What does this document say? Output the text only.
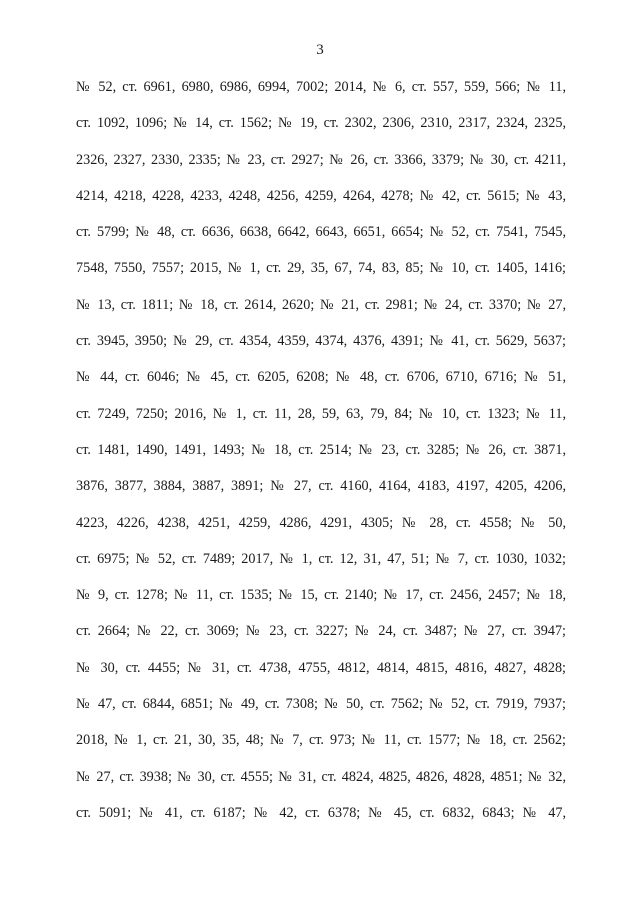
3
№ 52, ст. 6961, 6980, 6986, 6994, 7002; 2014, № 6, ст. 557, 559, 566; № 11,
ст. 1092, 1096; № 14, ст. 1562; № 19, ст. 2302, 2306, 2310, 2317, 2324, 2325,
2326, 2327, 2330, 2335; № 23, ст. 2927; № 26, ст. 3366, 3379; № 30, ст. 4211,
4214, 4218, 4228, 4233, 4248, 4256, 4259, 4264, 4278; № 42, ст. 5615; № 43,
ст. 5799; № 48, ст. 6636, 6638, 6642, 6643, 6651, 6654; № 52, ст. 7541, 7545,
7548, 7550, 7557; 2015, № 1, ст. 29, 35, 67, 74, 83, 85; № 10, ст. 1405, 1416;
№ 13, ст. 1811; № 18, ст. 2614, 2620; № 21, ст. 2981; № 24, ст. 3370; № 27,
ст. 3945, 3950; № 29, ст. 4354, 4359, 4374, 4376, 4391; № 41, ст. 5629, 5637;
№ 44, ст. 6046; № 45, ст. 6205, 6208; № 48, ст. 6706, 6710, 6716; № 51,
ст. 7249, 7250; 2016, № 1, ст. 11, 28, 59, 63, 79, 84; № 10, ст. 1323; № 11,
ст. 1481, 1490, 1491, 1493; № 18, ст. 2514; № 23, ст. 3285; № 26, ст. 3871,
3876, 3877, 3884, 3887, 3891; № 27, ст. 4160, 4164, 4183, 4197, 4205, 4206,
4223, 4226, 4238, 4251, 4259, 4286, 4291, 4305; № 28, ст. 4558; № 50,
ст. 6975; № 52, ст. 7489; 2017, № 1, ст. 12, 31, 47, 51; № 7, ст. 1030, 1032;
№ 9, ст. 1278; № 11, ст. 1535; № 15, ст. 2140; № 17, ст. 2456, 2457; № 18,
ст. 2664; № 22, ст. 3069; № 23, ст. 3227; № 24, ст. 3487; № 27, ст. 3947;
№ 30, ст. 4455; № 31, ст. 4738, 4755, 4812, 4814, 4815, 4816, 4827, 4828;
№ 47, ст. 6844, 6851; № 49, ст. 7308; № 50, ст. 7562; № 52, ст. 7919, 7937;
2018, № 1, ст. 21, 30, 35, 48; № 7, ст. 973; № 11, ст. 1577; № 18, ст. 2562;
№ 27, ст. 3938; № 30, ст. 4555; № 31, ст. 4824, 4825, 4826, 4828, 4851; № 32,
ст. 5091; № 41, ст. 6187; № 42, ст. 6378; № 45, ст. 6832, 6843; № 47,
